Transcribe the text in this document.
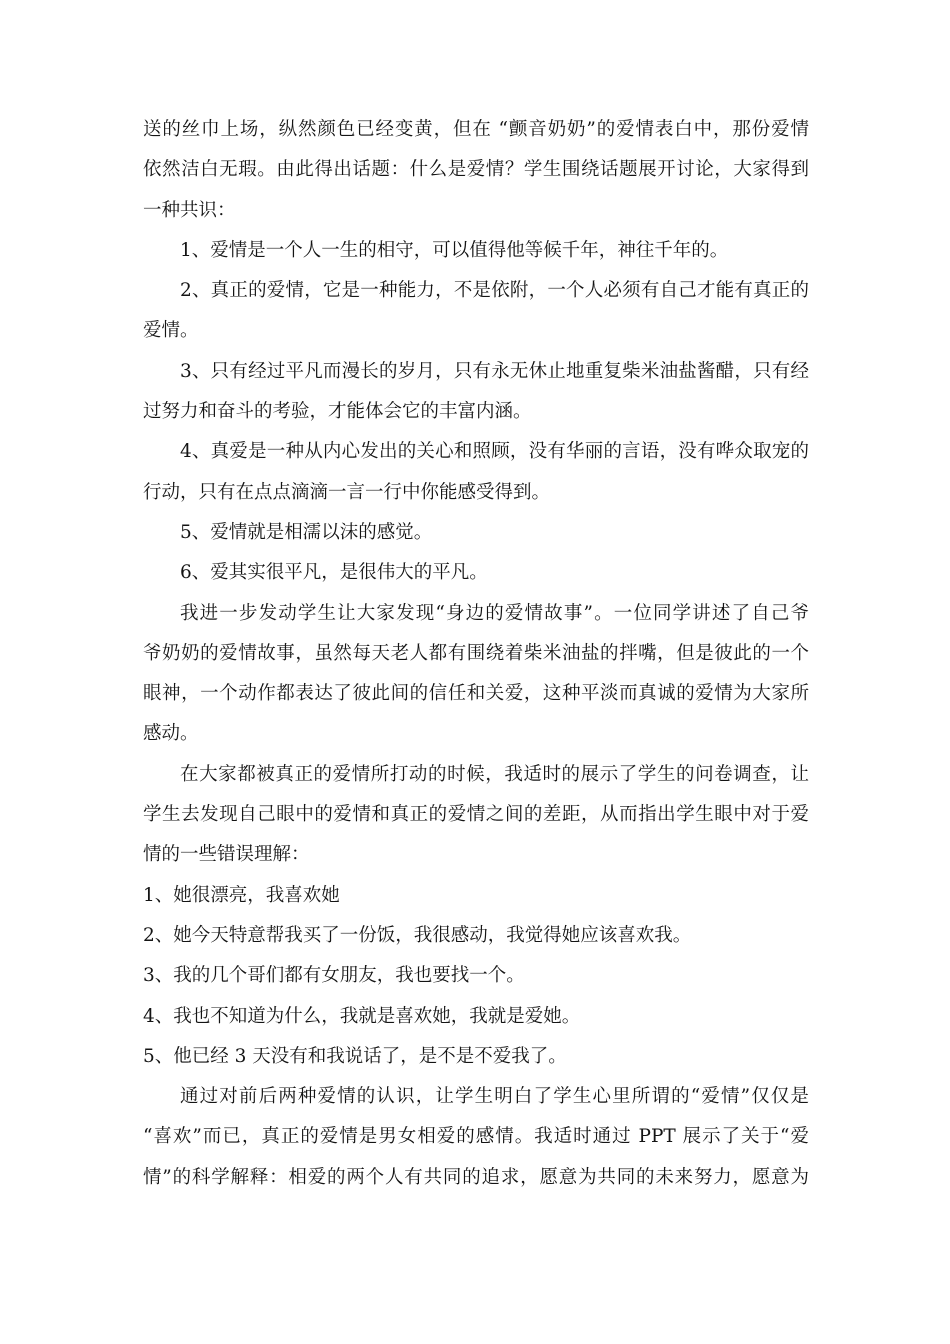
送的丝巾上场，纵然颜色已经变黄，但在 “颤音奶奶”的爱情表白中，那份爱情
依然洁白无瑕。由此得出话题：什么是爱情？学生围绕话题展开讨论，大家得到
一种共识：
1、爱情是一个人一生的相守，可以值得他等候千年，神往千年的。
2、真正的爱情，它是一种能力，不是依附，一个人必须有自己才能有真正的
爱情。
3、只有经过平凡而漫长的岁月，只有永无休止地重复柴米油盐酱醋，只有经
过努力和奋斗的考验，才能体会它的丰富内涵。
4、真爱是一种从内心发出的关心和照顾，没有华丽的言语，没有哗众取宠的
行动，只有在点点滴滴一言一行中你能感受得到。
5、爱情就是相濡以沫的感觉。
6、爱其实很平凡，是很伟大的平凡。
我进一步发动学生让大家发现“身边的爱情故事”。一位同学讲述了自己爷
爷奶奶的爱情故事，虽然每天老人都有围绕着柴米油盐的拌嘴，但是彼此的一个
眼神，一个动作都表达了彼此间的信任和关爱，这种平淡而真诚的爱情为大家所
感动。
在大家都被真正的爱情所打动的时候，我适时的展示了学生的问卷调查，让
学生去发现自己眼中的爱情和真正的爱情之间的差距，从而指出学生眼中对于爱
情的一些错误理解：
1、她很漂亮，我喜欢她
2、她今天特意帮我买了一份饭，我很感动，我觉得她应该喜欢我。
3、我的几个哥们都有女朋友，我也要找一个。
4、我也不知道为什么，我就是喜欢她，我就是爱她。
5、他已经 3 天没有和我说话了，是不是不爱我了。
通过对前后两种爱情的认识，让学生明白了学生心里所谓的“爱情”仅仅是
“喜欢”而已，真正的爱情是男女相爱的感情。我适时通过 PPT 展示了关于“爱
情”的科学解释：相爱的两个人有共同的追求，愿意为共同的未来努力，愿意为
